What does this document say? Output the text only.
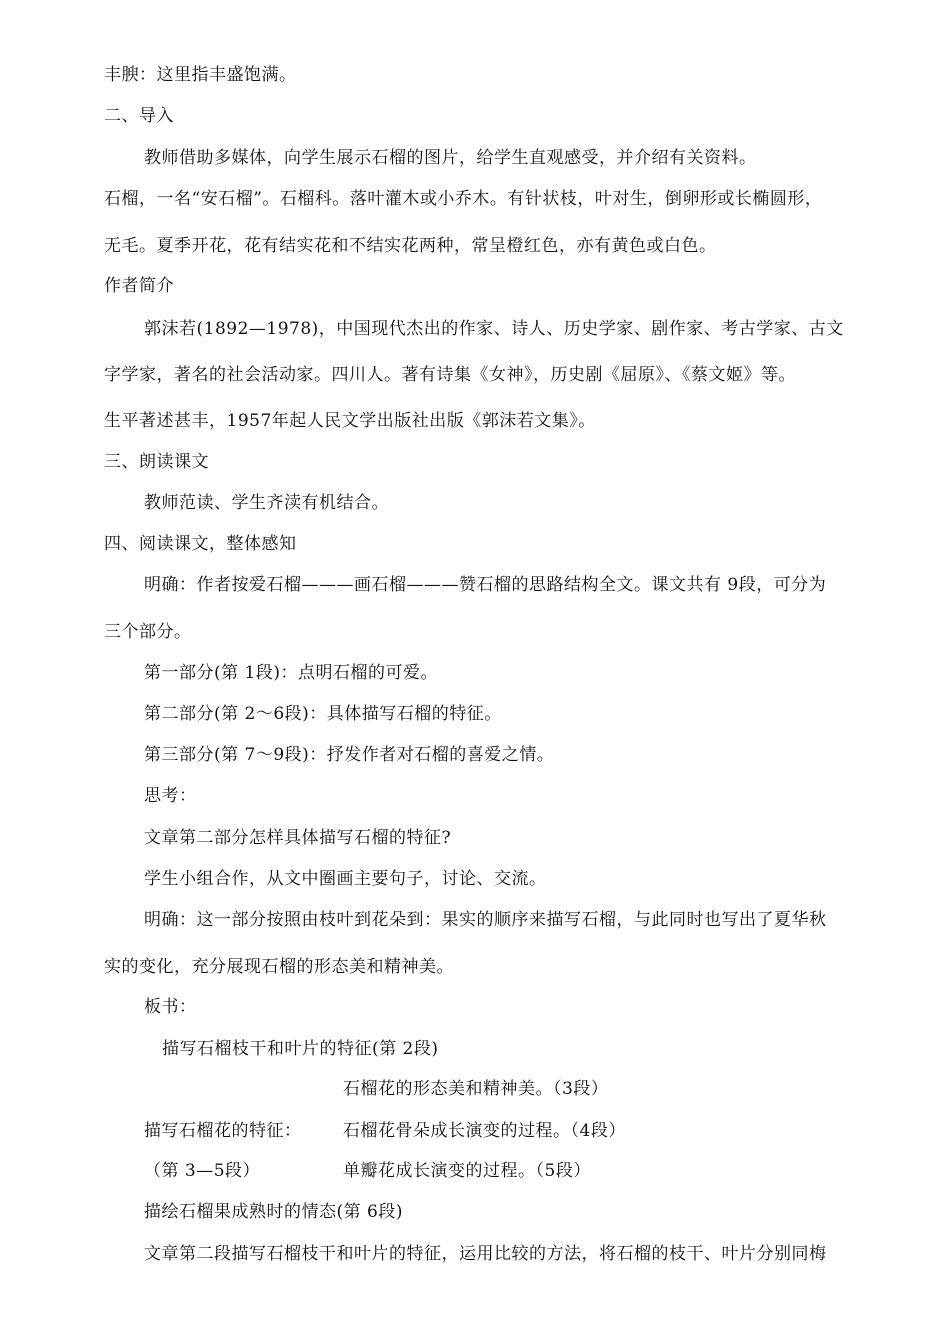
丰腴：这里指丰盛饱满。
二、导入
教师借助多媒体，向学生展示石榴的图片，给学生直观感受，并介绍有关资料。
石榴，一名“安石榴”。石榴科。落叶灌木或小乔木。有针状枝，叶对生，倒卵形或长椭圆形，
无毛。夏季开花，花有结实花和不结实花两种，常呈橙红色，亦有黄色或白色。
作者简介
郭沫若(1892—1978)，中国现代杰出的作家、诗人、历史学家、剧作家、考古学家、古文
字学家，著名的社会活动家。四川人。著有诗集《女神》，历史剧《屈原》、《蔡文姬》等。
生平著述甚丰，1957年起人民文学出版社出版《郭沫若文集》。
三、朗读课文
教师范读、学生齐渎有机结合。
四、阅读课文，整体感知
明确：作者按爱石榴———画石榴———赞石榴的思路结构全文。课文共有 9段，可分为
三个部分。
第一部分(第 1段)：点明石榴的可爱。
第二部分(第 2～6段)：具体描写石榴的特征。
第三部分(第 7～9段)：抒发作者对石榴的喜爱之情。
思考：
文章第二部分怎样具体描写石榴的特征?
学生小组合作，从文中圈画主要句子，讨论、交流。
明确：这一部分按照由枝叶到花朵到：果实的顺序来描写石榴，与此同时也写出了夏华秋
实的变化，充分展现石榴的形态美和精神美。
板书：
描写石榴枝干和叶片的特征(第 2段)
石榴花的形态美和精神美。（3段）
描写石榴花的特征： 石榴花骨朵成长演变的过程。（4段）
（第 3—5段）	单瓣花成长演变的过程。（5段）
描绘石榴果成熟时的情态(第 6段)
文章第二段描写石榴枝干和叶片的特征，运用比较的方法，将石榴的枝干、叶片分别同梅
